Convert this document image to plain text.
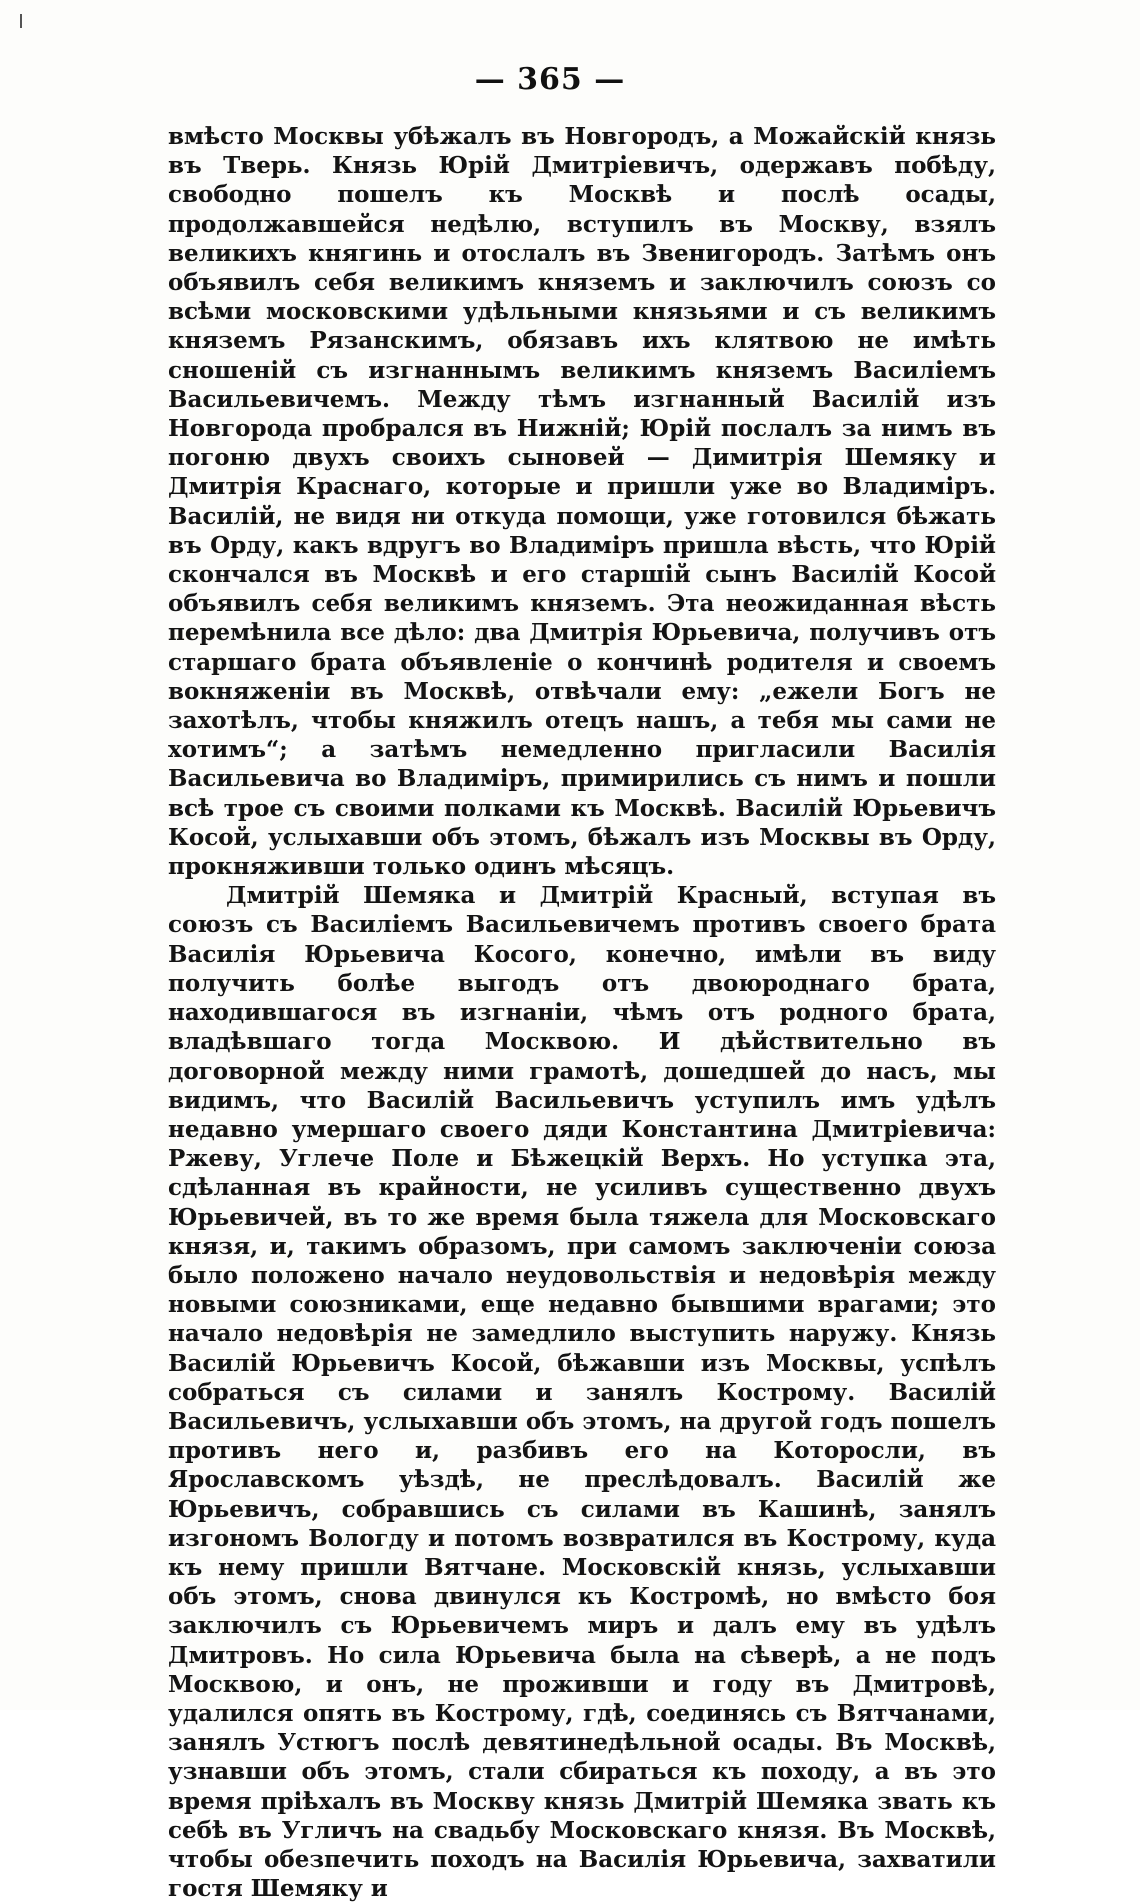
— 365 —

вмѣсто Москвы убѣжалъ въ Новгородъ, а Можайскій князь въ Тверь. Князь Юрій Дмитріевичъ, одержавъ побѣду, свободно пошелъ къ Москвѣ и послѣ осады, продолжавшейся недѣлю, вступилъ въ Москву, взялъ великихъ княгинь и отослалъ въ Звенигородъ. Затѣмъ онъ объявилъ себя великимъ княземъ и заключилъ союзъ со всѣми московскими удѣльными князьями и съ великимъ княземъ Рязанскимъ, обязавъ ихъ клятвою не имѣть сношеній съ изгнаннымъ великимъ княземъ Василіемъ Васильевичемъ. Между тѣмъ изгнанный Василій изъ Новгорода пробрался въ Нижній; Юрій послалъ за нимъ въ погоню двухъ своихъ сыновей — Димитрія Шемяку и Дмитрія Краснаго, которые и пришли уже во Владиміръ. Василій, не видя ни откуда помощи, уже готовился бѣжать въ Орду, какъ вдругъ во Владиміръ пришла вѣсть, что Юрій скончался въ Москвѣ и его старшій сынъ Василій Косой объявилъ себя великимъ княземъ. Эта неожиданная вѣсть перемѣнила все дѣло: два Дмитрія Юрьевича, получивъ отъ старшаго брата объявленіе о кончинѣ родителя и своемъ вокняженіи въ Москвѣ, отвѣчали ему: „ежели Богъ не захотѣлъ, чтобы княжилъ отецъ нашъ, а тебя мы сами не хотимъ“; а затѣмъ немедленно пригласили Василія Васильевича во Владиміръ, примирились съ нимъ и пошли всѣ трое съ своими полками къ Москвѣ. Василій Юрьевичъ Косой, услыхавши объ этомъ, бѣжалъ изъ Москвы въ Орду, прокняживши только одинъ мѣсяцъ.

Дмитрій Шемяка и Дмитрій Красный, вступая въ союзъ съ Василіемъ Васильевичемъ противъ своего брата Василія Юрьевича Косого, конечно, имѣли въ виду получить болѣе выгодъ отъ двоюроднаго брата, находившагося въ изгнаніи, чѣмъ отъ родного брата, владѣвшаго тогда Москвою. И дѣйствительно въ договорной между ними грамотѣ, дошедшей до насъ, мы видимъ, что Василій Васильевичъ уступилъ имъ удѣлъ недавно умершаго своего дяди Константина Дмитріевича: Ржеву, Углече Поле и Бѣжецкій Верхъ. Но уступка эта, сдѣланная въ крайности, не усиливъ существенно двухъ Юрьевичей, въ то же время была тяжела для Московскаго князя, и, такимъ образомъ, при самомъ заключеніи союза было положено начало неудовольствія и недовѣрія между новыми союзниками, еще недавно бывшими врагами; это начало недовѣрія не замедлило выступить наружу. Князь Василій Юрьевичъ Косой, бѣжавши изъ Москвы, успѣлъ собраться съ силами и занялъ Кострому. Василій Васильевичъ, услыхавши объ этомъ, на другой годъ пошелъ противъ него и, разбивъ его на Которосли, въ Ярославскомъ уѣздѣ, не преслѣдовалъ. Василій же Юрьевичъ, собравшись съ силами въ Кашинѣ, занялъ изгономъ Вологду и потомъ возвратился въ Кострому, куда къ нему пришли Вятчане. Московскій князь, услыхавши объ этомъ, снова двинулся къ Костромѣ, но вмѣсто боя заключилъ съ Юрьевичемъ миръ и далъ ему въ удѣлъ Дмитровъ. Но сила Юрьевича была на сѣверѣ, а не подъ Москвою, и онъ, не проживши и году въ Дмитровѣ, удалился опять въ Кострому, гдѣ, соединясь съ Вятчанами, занялъ Устюгъ послѣ девятинедѣльной осады. Въ Москвѣ, узнавши объ этомъ, стали сбираться къ походу, а въ это время пріѣхалъ въ Москву князь Дмитрій Шемяка звать къ себѣ въ Угличъ на свадьбу Московскаго князя. Въ Москвѣ, чтобы обезпечить походъ на Василія Юрьевича, захватили гостя Шемяку и
